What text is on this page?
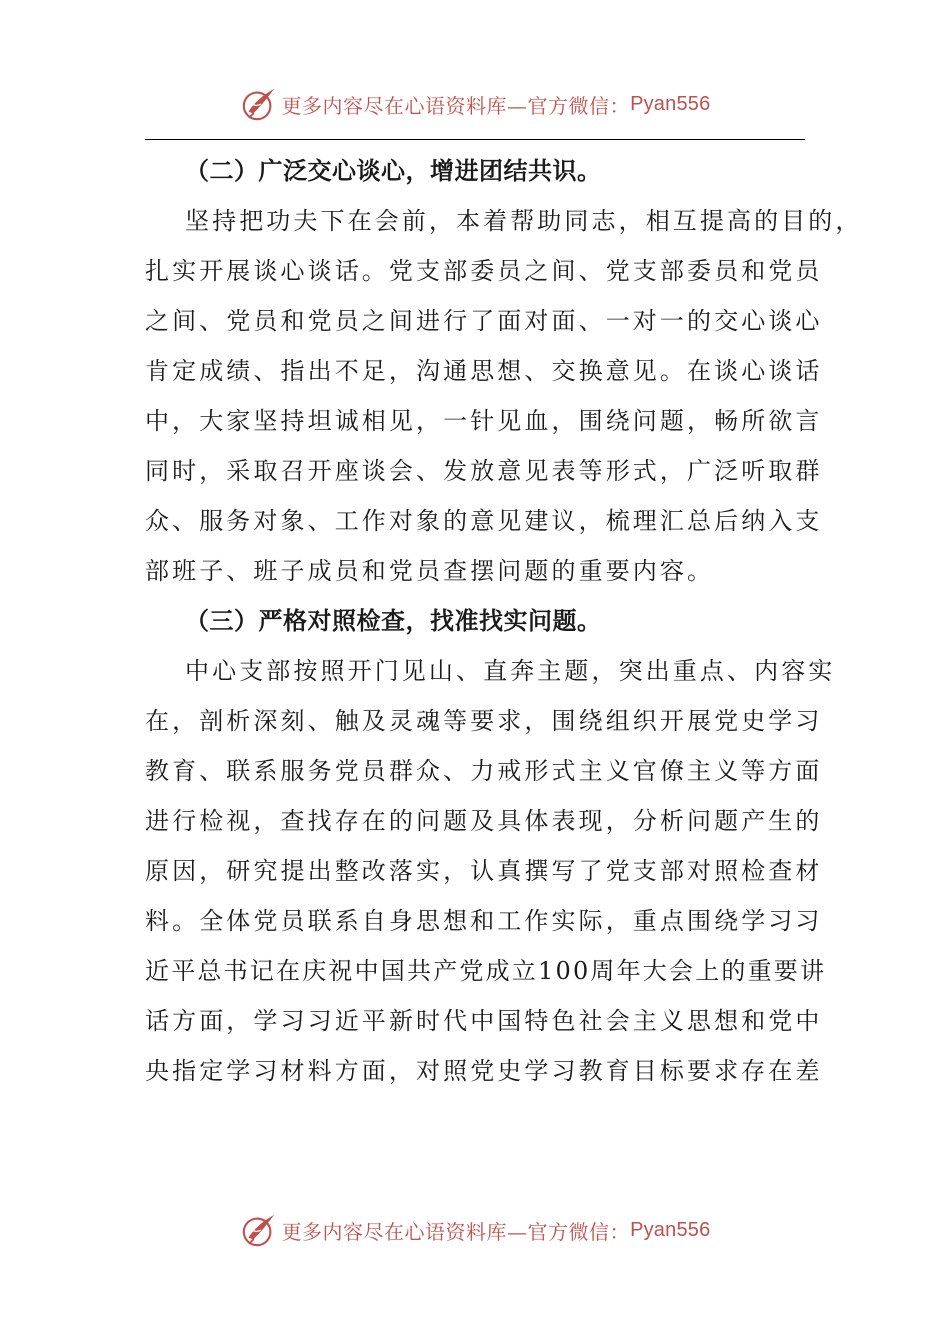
更多内容尽在心语资料库—官方微信： Pyan556

（二）广泛交心谈心，增进团结共识。

坚持把功夫下在会前，本着帮助同志，相互提高的目的，

扎实开展谈心谈话。党支部委员之间、党支部委员和党员

之间、党员和党员之间进行了面对面、一对一的交心谈心

肯定成绩、指出不足，沟通思想、交换意见。在谈心谈话

中，大家坚持坦诚相见，一针见血，围绕问题，畅所欲言

同时，采取召开座谈会、发放意见表等形式，广泛听取群

众、服务对象、工作对象的意见建议，梳理汇总后纳入支

部班子、班子成员和党员查摆问题的重要内容。

（三）严格对照检查，找准找实问题。

中心支部按照开门见山、直奔主题，突出重点、内容实

在，剖析深刻、触及灵魂等要求，围绕组织开展党史学习

教育、联系服务党员群众、力戒形式主义官僚主义等方面

进行检视，查找存在的问题及具体表现，分析问题产生的

原因，研究提出整改落实，认真撰写了党支部对照检查材

料。全体党员联系自身思想和工作实际，重点围绕学习习

近平总书记在庆祝中国共产党成立100周年大会上的重要讲

话方面，学习习近平新时代中国特色社会主义思想和党中

央指定学习材料方面，对照党史学习教育目标要求存在差

更多内容尽在心语资料库—官方微信： Pyan556
